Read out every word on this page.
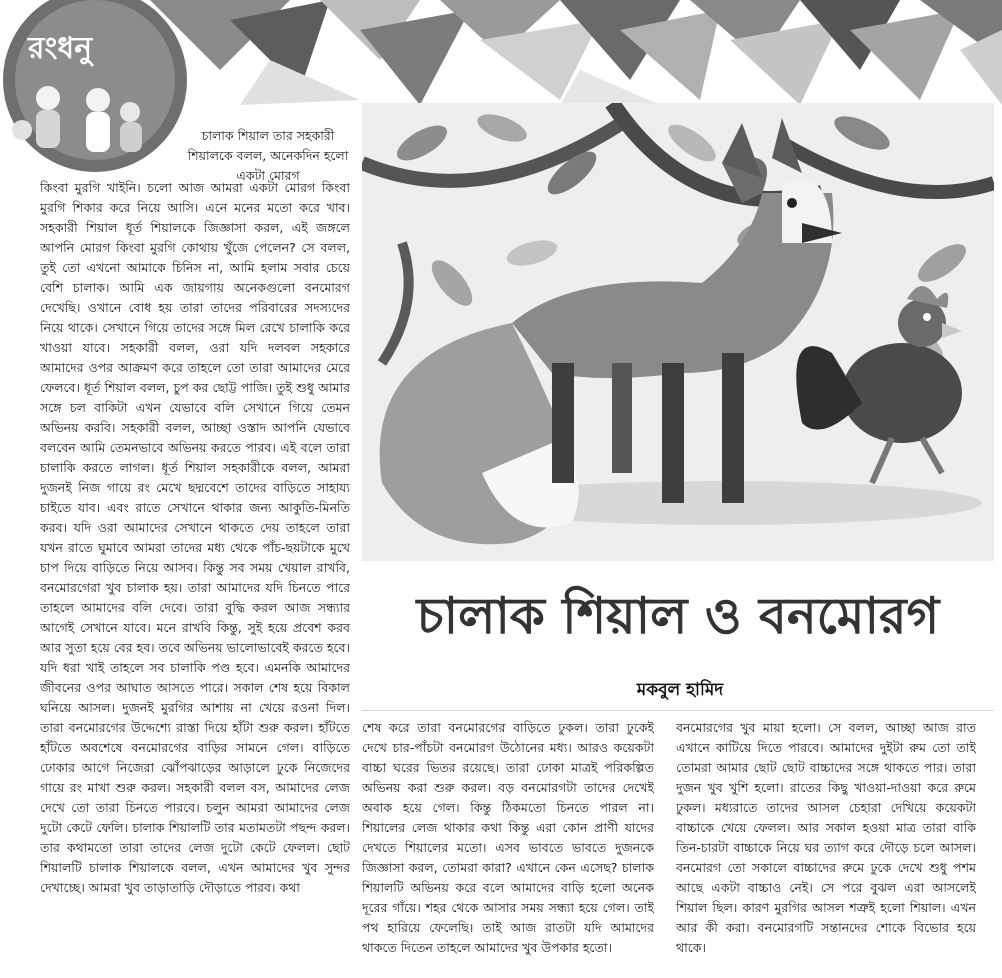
রংধনু

চালাক শিয়াল তার সহকারী শিয়ালকে বলল, অনেকদিন হলো একটা মোরগ

কিংবা মুরগি খাইনি। চলো আজ আমরা একটা মোরগ কিংবা মুরগি শিকার করে নিয়ে আসি। এনে মনের মতো করে খাব। সহকারী শিয়াল ধূর্ত শিয়ালকে জিজ্ঞাসা করল, এই জঙ্গলে আপনি মোরগ কিংবা মুরগি কোথায় খুঁজে পেলেন? সে বলল, তুই তো এখনো আমাকে চিনিস না, আমি হলাম সবার চেয়ে বেশি চালাক। আমি এক জায়গায় অনেকগুলো বনমোরগ দেখেছি। ওখানে বোধ হয় তারা তাদের পরিবারের সদস্যদের নিয়ে থাকে। সেখানে গিয়ে তাদের সঙ্গে মিল রেখে চালাকি করে খাওয়া যাবে। সহকারী বলল, ওরা যদি দলবল সহকারে আমাদের ওপর আক্রমণ করে তাহলে তো তারা আমাদের মেরে ফেলবে। ধূর্ত শিয়াল বলল, চুপ কর ছোট্ট পাজি। তুই শুধু আমার সঙ্গে চল বাকিটা এখন যেভাবে বলি সেখানে গিয়ে তেমন অভিনয় করবি। সহকারী বলল, আচ্ছা ওস্তাদ আপনি যেভাবে বলবেন আমি তেমনভাবে অভিনয় করতে পারব। এই বলে তারা চালাকি করতে লাগল। ধূর্ত শিয়াল সহকারীকে বলল, আমরা দুজনই নিজ গায়ে রং মেখে ছদ্মবেশে তাদের বাড়িতে সাহায্য চাইতে যাব। এবং রাতে সেখানে থাকার জন্য আকুতি-মিনতি করব। যদি ওরা আমাদের সেখানে থাকতে দেয় তাহলে তারা যখন রাতে ঘুমাবে আমরা তাদের মধ্য থেকে পাঁচ-ছয়টাকে মুখে চাপ দিয়ে বাড়িতে নিয়ে আসব। কিন্তু সব সময় খেয়াল রাখবি, বনমোরগেরা খুব চালাক হয়। তারা আমাদের যদি চিনতে পারে তাহলে আমাদের বলি দেবে। তারা বুদ্ধি করল আজ সন্ধ্যার আগেই সেখানে যাবে। মনে রাখবি কিন্তু, সুই হয়ে প্রবেশ করব আর সুতা হয়ে বের হব। তবে অভিনয় ভালোভাবেই করতে হবে। যদি ধরা খাই তাহলে সব চালাকি পণ্ড হবে। এমনকি আমাদের জীবনের ওপর আঘাত আসতে পারে। সকাল শেষ হয়ে বিকাল ঘনিয়ে আসল। দুজনই মুরগির আশায় না খেয়ে রওনা দিল। তারা বনমোরগের উদ্দেশ্যে রাস্তা দিয়ে হাঁটা শুরু করল। হাঁটতে হাঁটতে অবশেষে বনমোরগের বাড়ির সামনে গেল। বাড়িতে ঢোকার আগে নিজেরা ঝোঁপঝাড়ের আড়ালে ঢুকে নিজেদের গায়ে রং মাখা শুরু করল। সহকারী বলল বস, আমাদের লেজ দেখে তো তারা চিনতে পারবে। চলুন আমরা আমাদের লেজ দুটো কেটে ফেলি। চালাক শিয়ালটি তার মতামতটা পছন্দ করল। তার কথামতো তারা তাদের লেজ দুটো কেটে ফেলল। ছোট শিয়ালটি চালাক শিয়ালকে বলল, এখন আমাদের খুব সুন্দর দেখাচ্ছে। আমরা খুব তাড়াতাড়ি দৌড়াতে পারব। কথা

চালাক শিয়াল ও বনমোরগ

মকবুল হামিদ

শেষ করে তারা বনমোরগের বাড়িতে ঢুকল। তারা ঢুকেই দেখে চার-পাঁচটা বনমোরগ উঠোনের মধ্য। আরও কয়েকটা বাচ্চা ঘরের ভিতর রয়েছে। তারা ঢোকা মাত্রই পরিকল্পিত অভিনয় করা শুরু করল। বড় বনমোরগটা তাদের দেখেই অবাক হয়ে গেল। কিন্তু ঠিকমতো চিনতে পারল না। শিয়ালের লেজ থাকার কথা কিন্তু এরা কোন প্রাণী যাদের দেখতে শিয়ালের মতো। এসব ভাবতে ভাবতে দুজনকে জিজ্ঞাসা করল, তোমরা কারা? এখানে কেন এসেছ? চালাক শিয়ালটি অভিনয় করে বলে আমাদের বাড়ি হলো অনেক দূরের গাঁয়ে। শহর থেকে আসার সময় সন্ধ্যা হয়ে গেল। তাই পথ হারিয়ে ফেলেছি। তাই আজ রাতটা যদি আমাদের থাকতে দিতেন তাহলে আমাদের খুব উপকার হতো।

বনমোরগের খুব মায়া হলো। সে বলল, আচ্ছা আজ রাত এখানে কাটিয়ে দিতে পারবে। আমাদের দুইটা রুম তো তাই তোমরা আমার ছোট ছোট বাচ্চাদের সঙ্গে থাকতে পার। তারা দুজন খুব খুশি হলো। রাতের কিছু খাওয়া-দাওয়া করে রুমে ঢুকল। মধ্যরাতে তাদের আসল চেহারা দেখিয়ে কয়েকটা বাচ্চাকে খেয়ে ফেলল। আর সকাল হওয়া মাত্র তারা বাকি তিন-চারটা বাচ্চাকে নিয়ে ঘর ত্যাগ করে দৌড়ে চলে আসল। বনমোরগ তো সকালে বাচ্চাদের রুমে ঢুকে দেখে শুধু পশম আছে একটা বাচ্চাও নেই। সে পরে বুঝল এরা আসলেই শিয়াল ছিল। কারণ মুরগির আসল শত্রুই হলো শিয়াল। এখন আর কী করা। বনমোরগটি সন্তানদের শোকে বিভোর হয়ে থাকে।
